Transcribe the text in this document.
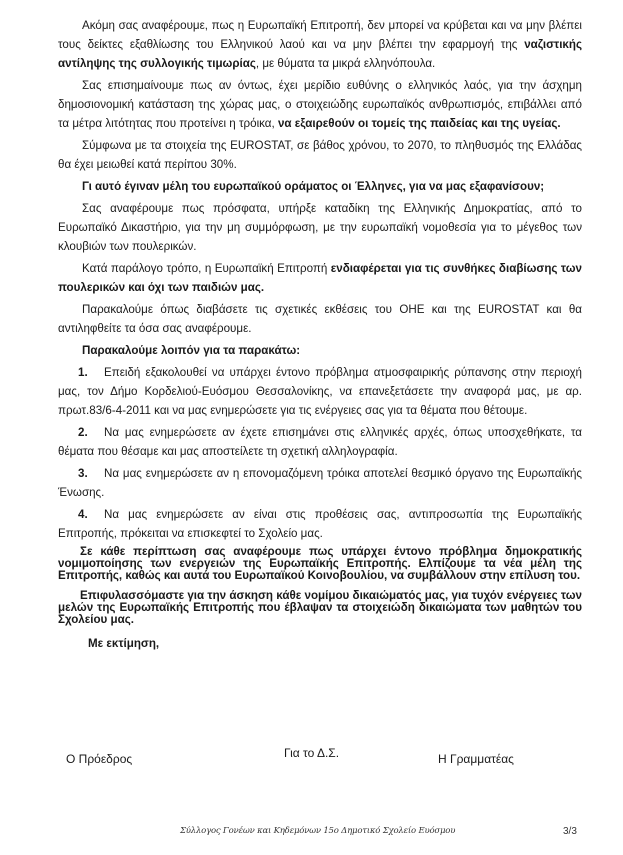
Ακόμη σας αναφέρουμε, πως η Ευρωπαϊκή Επιτροπή, δεν μπορεί να κρύβεται και να μην βλέπει τους δείκτες εξαθλίωσης του Ελληνικού λαού και να μην βλέπει την εφαρμογή της ναζιστικής αντίληψης της συλλογικής τιμωρίας, με θύματα τα μικρά ελληνόπουλα.

Σας επισημαίνουμε πως αν όντως, έχει μερίδιο ευθύνης ο ελληνικός λαός, για την άσχημη δημοσιονομική κατάσταση της χώρας μας, ο στοιχειώδης ευρωπαϊκός ανθρωπισμός, επιβάλλει από τα μέτρα λιτότητας που προτείνει η τρόικα, να εξαιρεθούν οι τομείς της παιδείας και της υγείας.

Σύμφωνα με τα στοιχεία της EUROSTAT, σε βάθος χρόνου, το 2070, το πληθυσμός της Ελλάδας θα έχει μειωθεί κατά περίπου 30%.

Γι αυτό έγιναν μέλη του ευρωπαϊκού οράματος οι Έλληνες, για να μας εξαφανίσουν;

Σας αναφέρουμε πως πρόσφατα, υπήρξε καταδίκη της Ελληνικής Δημοκρατίας, από το Ευρωπαϊκό Δικαστήριο, για την μη συμμόρφωση, με την ευρωπαϊκή νομοθεσία για το μέγεθος των κλουβιών των πουλερικών.

Κατά παράλογο τρόπο, η Ευρωπαϊκή Επιτροπή ενδιαφέρεται για τις συνθήκες διαβίωσης των πουλερικών και όχι των παιδιών μας.

Παρακαλούμε όπως διαβάσετε τις σχετικές εκθέσεις του ΟΗΕ και της EUROSTAT και θα αντιληφθείτε τα όσα σας αναφέρουμε.

Παρακαλούμε λοιπόν για τα παρακάτω:

1. Επειδή εξακολουθεί να υπάρχει έντονο πρόβλημα ατμοσφαιρικής ρύπανσης στην περιοχή μας, τον Δήμο Κορδελιού-Ευόσμου Θεσσαλονίκης, να επανεξετάσετε την αναφορά μας, με αρ. πρωτ.83/6-4-2011 και να μας ενημερώσετε για τις ενέργειες σας για τα θέματα που θέτουμε.

2. Να μας ενημερώσετε αν έχετε επισημάνει στις ελληνικές αρχές, όπως υποσχεθήκατε, τα θέματα που θέσαμε και μας αποστείλετε τη σχετική αλληλογραφία.

3. Να μας ενημερώσετε αν η επονομαζόμενη τρόικα αποτελεί θεσμικό όργανο της Ευρωπαϊκής Ένωσης.

4. Να μας ενημερώσετε αν είναι στις προθέσεις σας, αντιπροσωπία της Ευρωπαϊκής Επιτροπής, πρόκειται να επισκεφτεί το Σχολείο μας.

Σε κάθε περίπτωση σας αναφέρουμε πως υπάρχει έντονο πρόβλημα δημοκρατικής νομιμοποίησης των ενεργειών της Ευρωπαϊκής Επιτροπής. Ελπίζουμε τα νέα μέλη της Επιτροπής, καθώς και αυτά του Ευρωπαϊκού Κοινοβουλίου, να συμβάλλουν στην επίλυση του.

Επιφυλασσόμαστε για την άσκηση κάθε νομίμου δικαιώματός μας, για τυχόν ενέργειες των μελών της Ευρωπαϊκής Επιτροπής που έβλαψαν τα στοιχειώδη δικαιώματα των μαθητών του Σχολείου μας.

Με εκτίμηση,

Ο Πρόεδρος	Για το Δ.Σ.	Η Γραμματέας
Σύλλογος Γονέων και Κηδεμόνων 15ο Δημοτικό Σχολείο Ευόσμου	3/3
